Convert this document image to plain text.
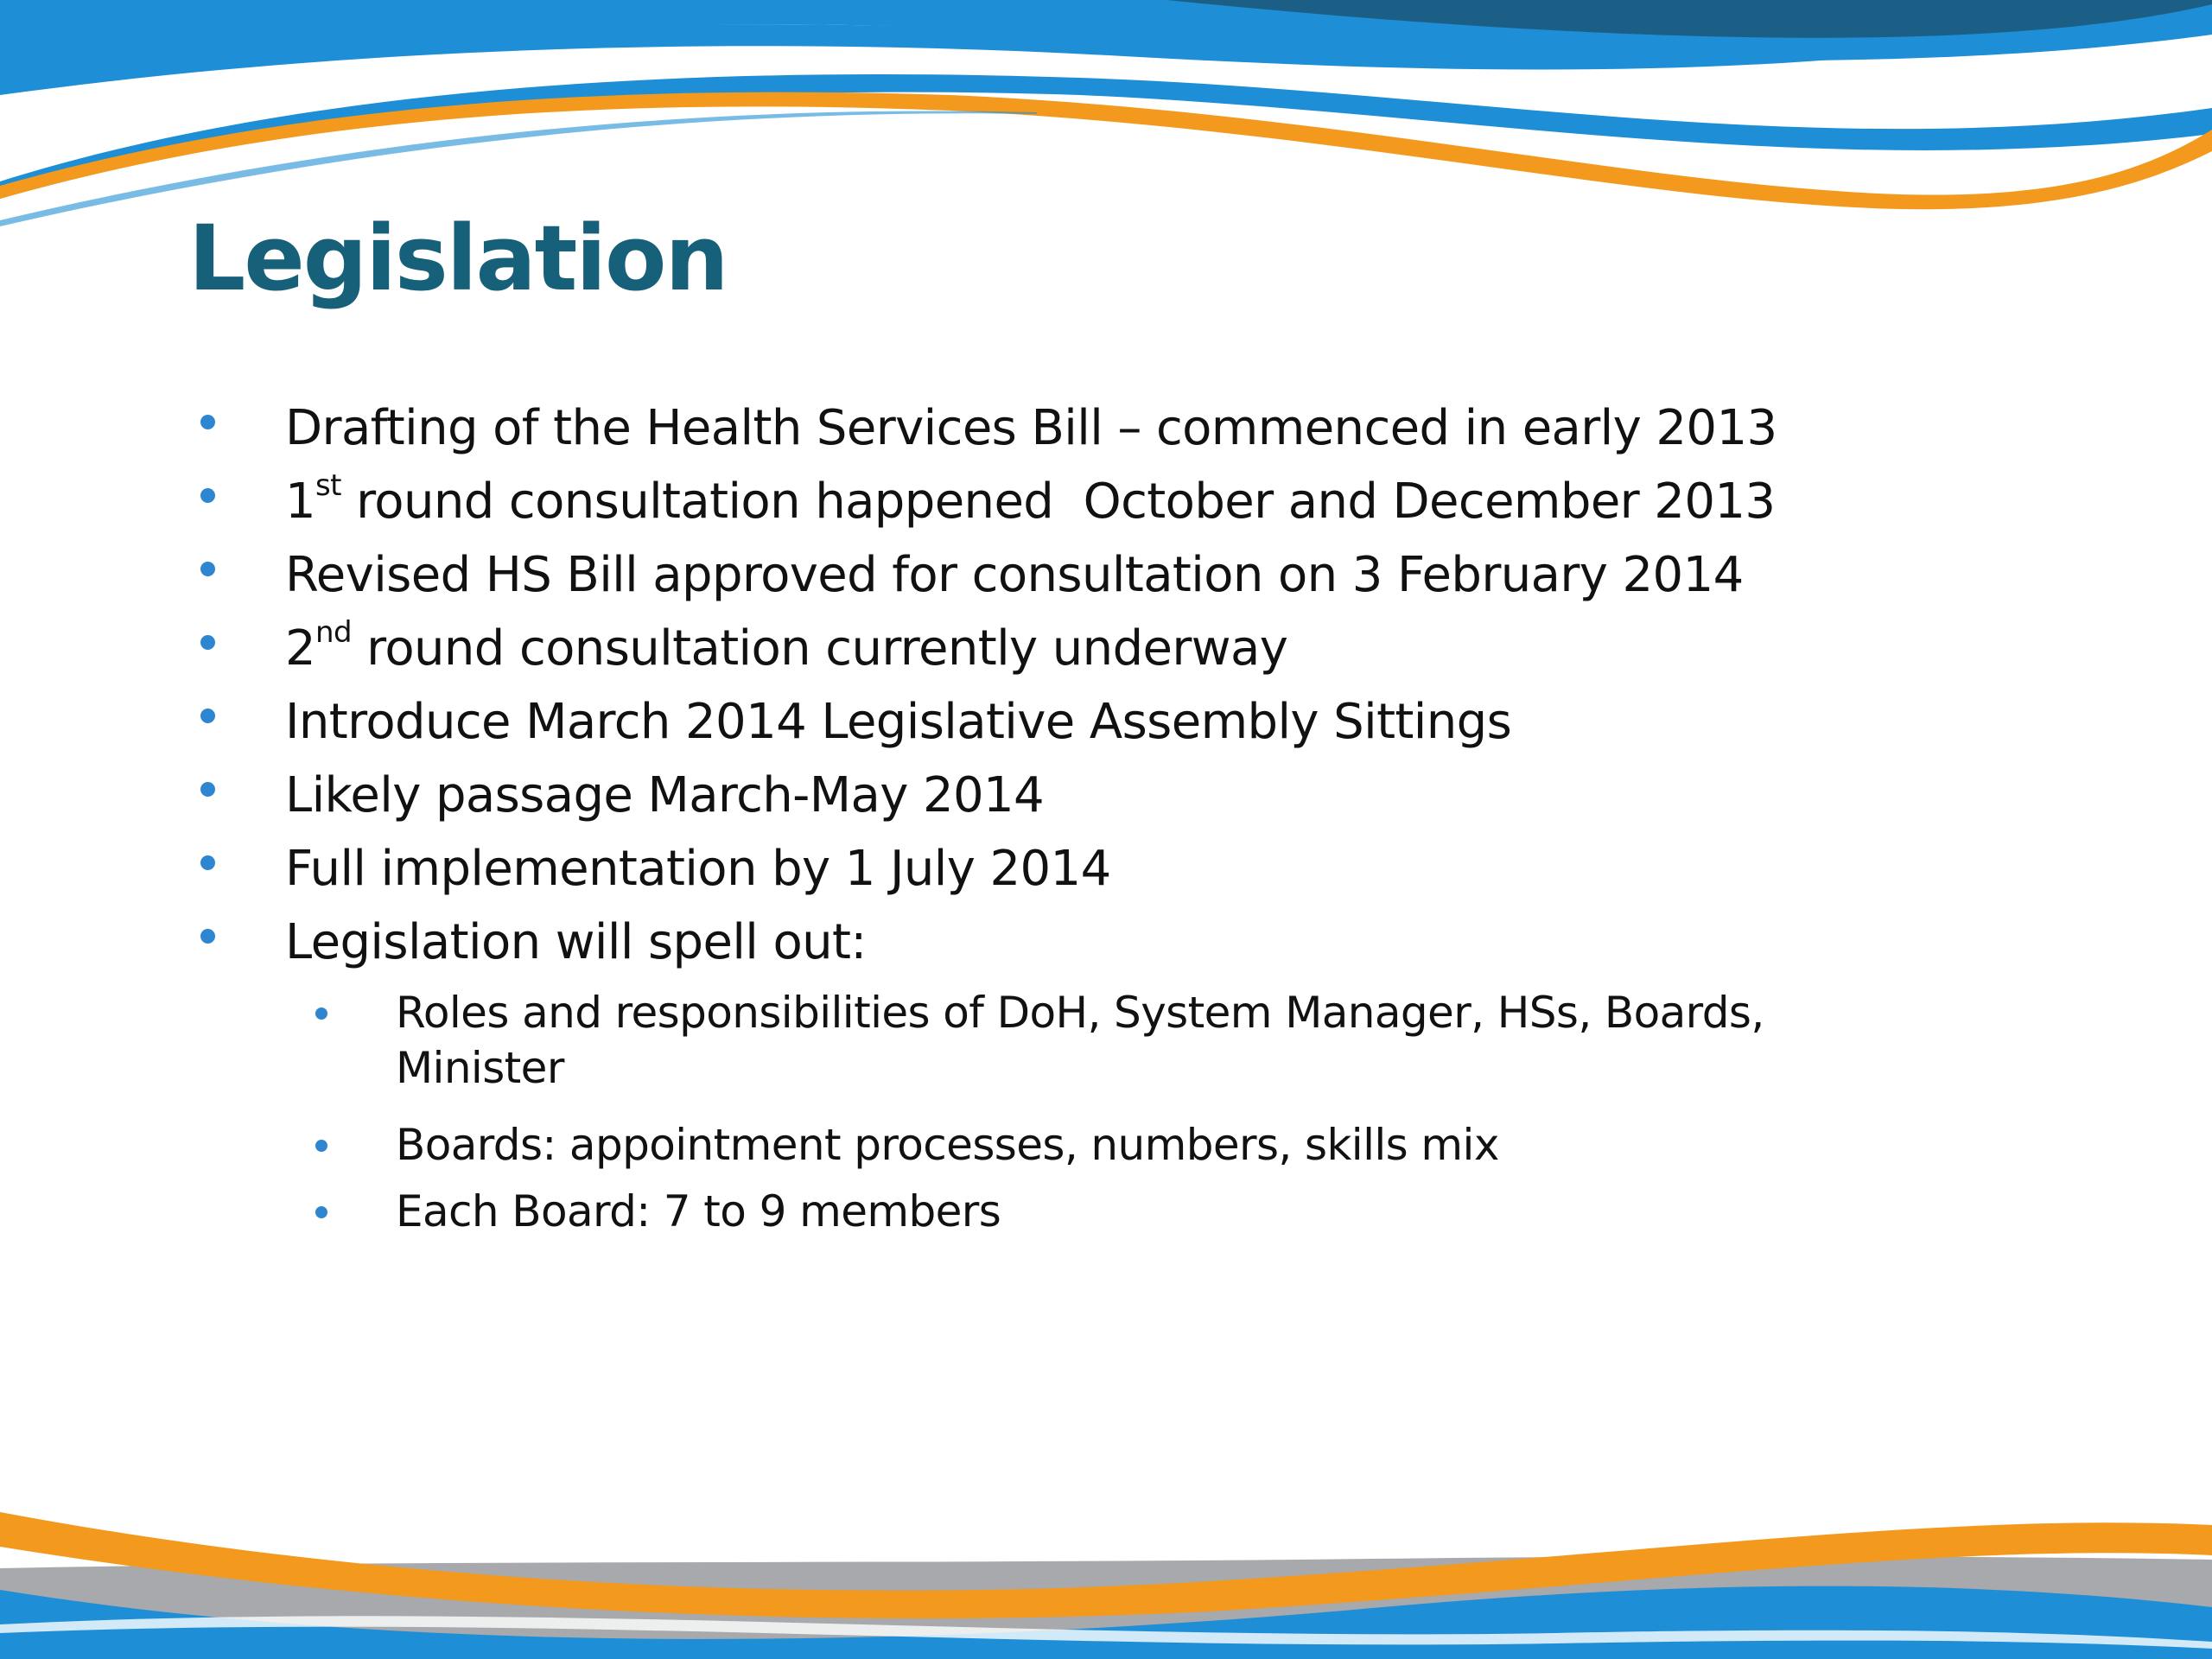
Legislation
Drafting of the Health Services Bill – commenced in early 2013
1st round consultation happened  October and December 2013
Revised HS Bill approved for consultation on 3 February 2014
2nd round consultation currently underway
Introduce March 2014 Legislative Assembly Sittings
Likely passage March-May 2014
Full implementation by 1 July 2014
Legislation will spell out:
Roles and responsibilities of DoH, System Manager, HSs, Boards,
Minister
Boards: appointment processes, numbers, skills mix
Each Board: 7 to 9 members
